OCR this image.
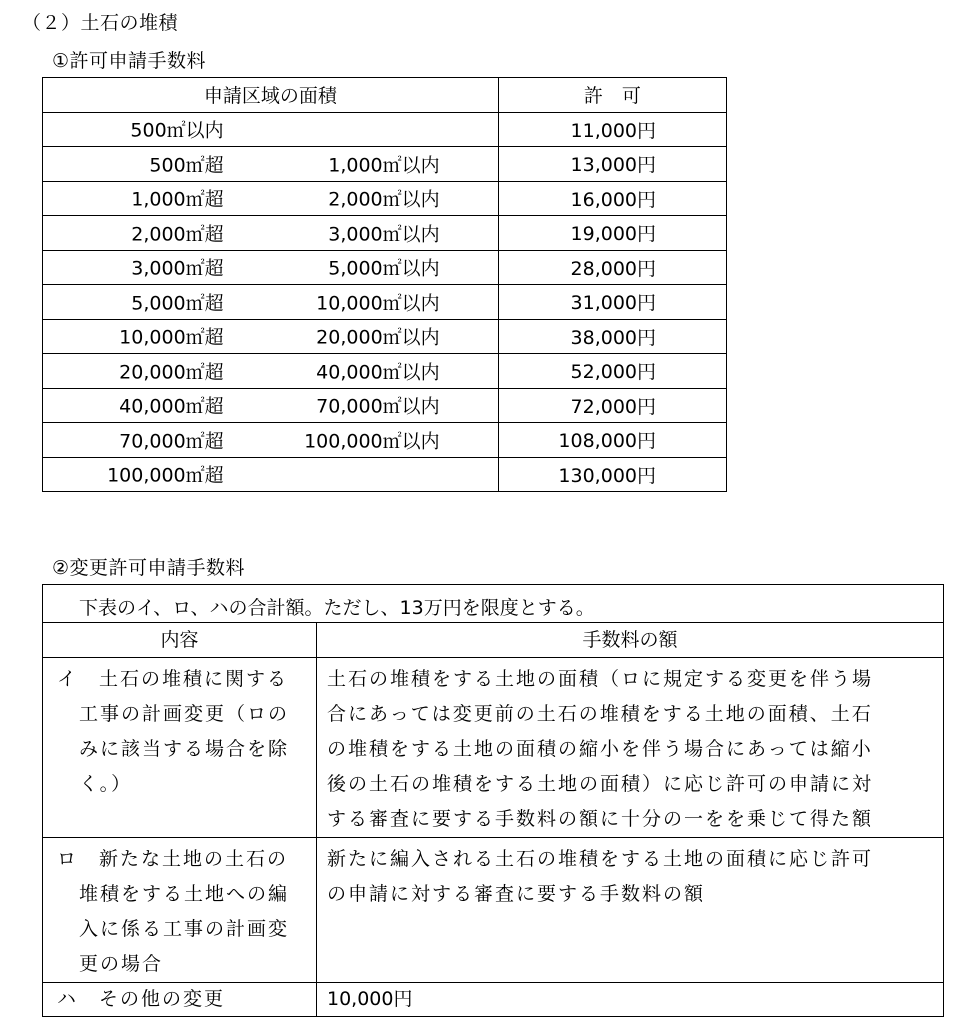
（２）土石の堆積
①許可申請手数料
申請区域の面積	許　可

500㎡以内	11,000円

500㎡超 1,000㎡以内	13,000円

1,000㎡超 2,000㎡以内	16,000円

2,000㎡超 3,000㎡以内	19,000円

3,000㎡超 5,000㎡以内	28,000円

5,000㎡超 10,000㎡以内	31,000円

10,000㎡超 20,000㎡以内	38,000円

20,000㎡超 40,000㎡以内	52,000円

40,000㎡超 70,000㎡以内	72,000円

70,000㎡超 100,000㎡以内	108,000円

100,000㎡超	130,000円
②変更許可申請手数料
下表のイ、ロ、ハの合計額。ただし、13万円を限度とする。	
内容	手数料の額

イ 土石の堆積に関する
工事の計画変更（ロの
みに該当する場合を除
く。）	土石の堆積をする土地の面積（ロに規定する変更を伴う場
合にあっては変更前の土石の堆積をする土地の面積、土石
の堆積をする土地の面積の縮小を伴う場合にあっては縮小
後の土石の堆積をする土地の面積）に応じ許可の申請に対
する審査に要する手数料の額に十分の一をを乗じて得た額

ロ 新たな土地の土石の
堆積をする土地への編
入に係る工事の計画変
更の場合	新たに編入される土石の堆積をする土地の面積に応じ許可
の申請に対する審査に要する手数料の額

ハ その他の変更	10,000円
